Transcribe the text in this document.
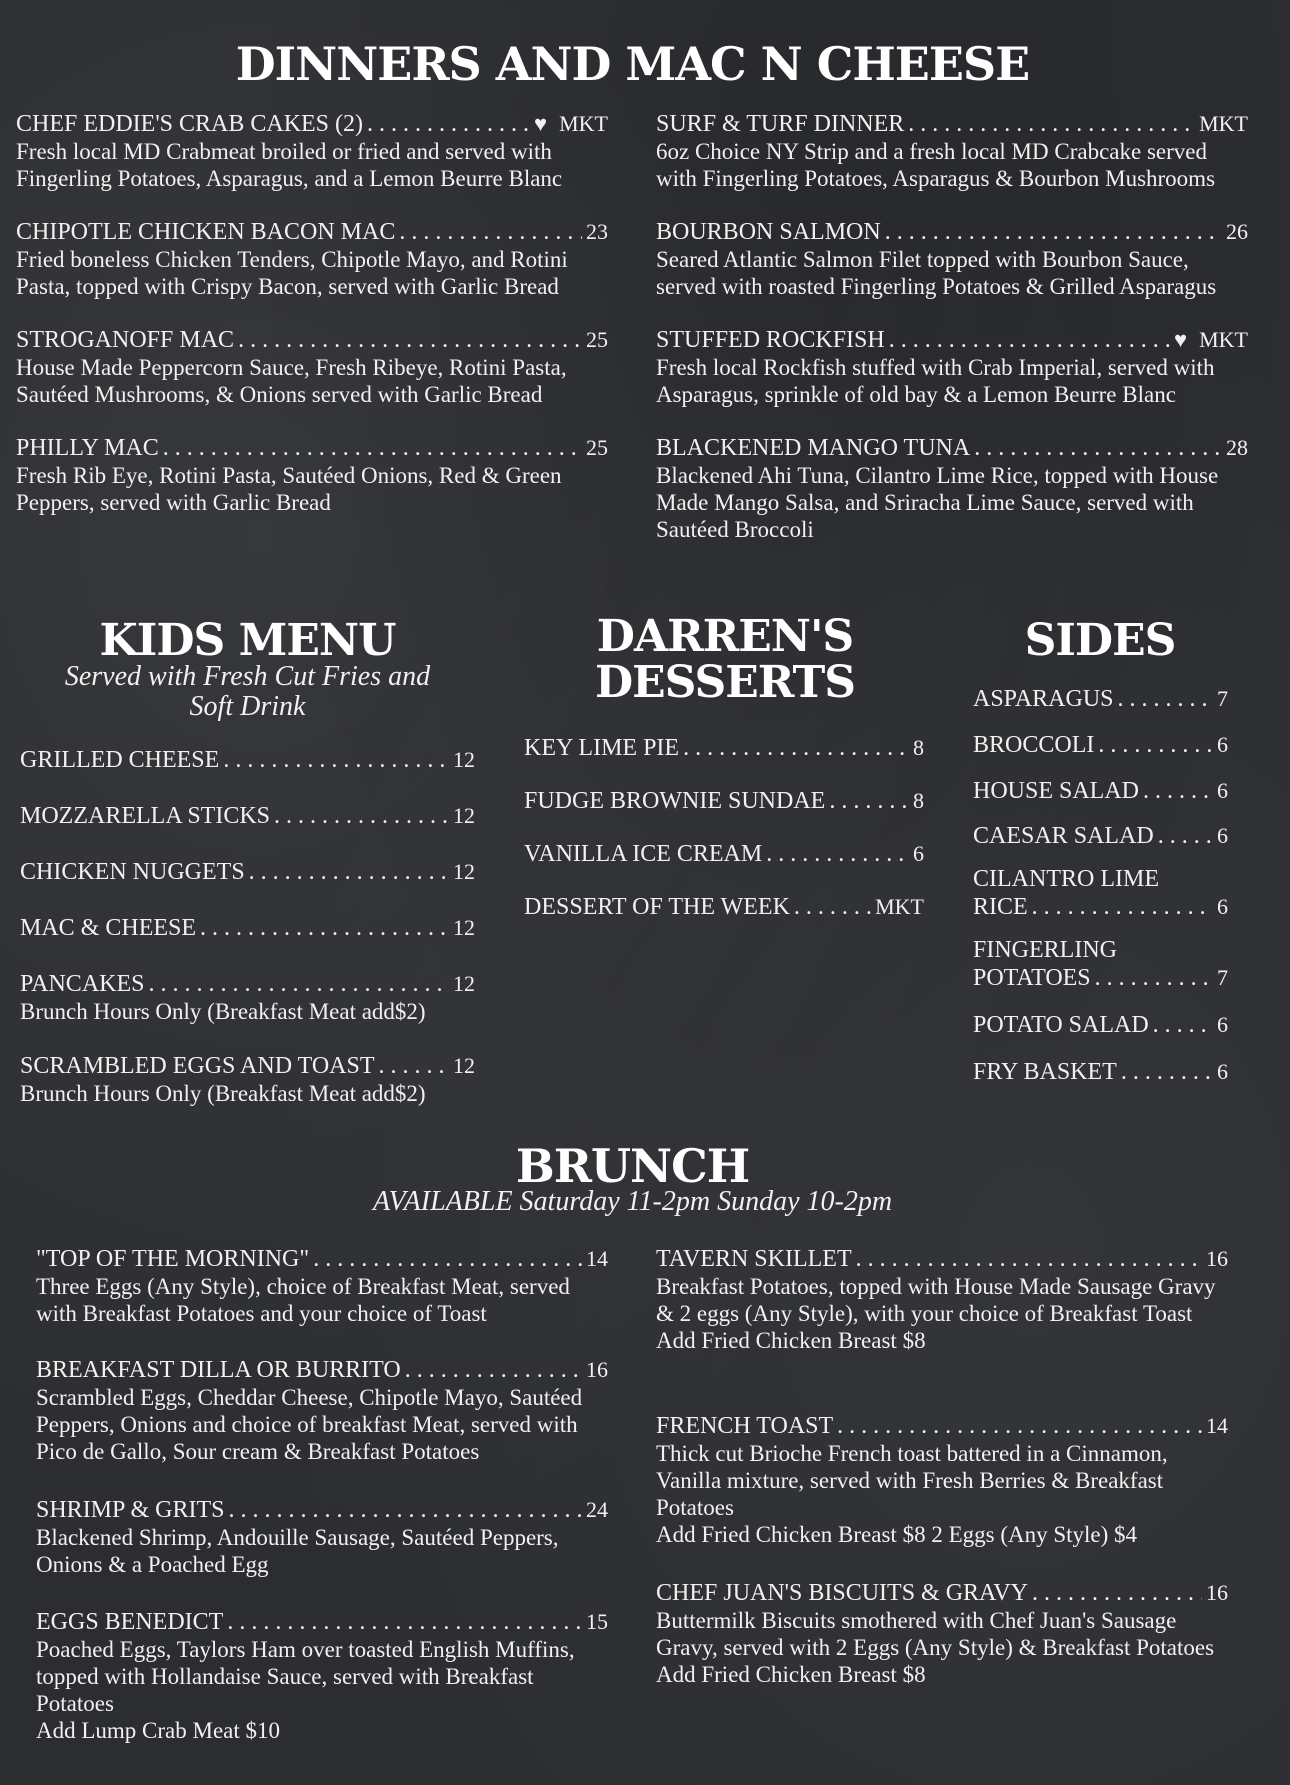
DINNERS AND MAC N CHEESE
CHEF EDDIE'S CRAB CAKES (2) . . .	♥ MKT
Fresh local MD Crabmeat broiled or fried and served with Fingerling Potatoes, Asparagus, and a Lemon Beurre Blanc
CHIPOTLE CHICKEN BACON MAC . . .	23
Fried boneless Chicken Tenders, Chipotle Mayo, and Rotini Pasta, topped with Crispy Bacon, served with Garlic Bread
STROGANOFF MAC . . .	25
House Made Peppercorn Sauce, Fresh Ribeye, Rotini Pasta, Sautéed Mushrooms, & Onions served with Garlic Bread
PHILLY MAC . . .	25
Fresh Rib Eye, Rotini Pasta, Sautéed Onions, Red & Green Peppers, served with Garlic Bread
SURF & TURF DINNER . . .	MKT
6oz Choice NY Strip and a fresh local MD Crabcake served with Fingerling Potatoes, Asparagus & Bourbon Mushrooms
BOURBON SALMON . . .	26
Seared Atlantic Salmon Filet topped with Bourbon Sauce, served with roasted Fingerling Potatoes & Grilled Asparagus
STUFFED ROCKFISH . . .	♥ MKT
Fresh local Rockfish stuffed with Crab Imperial, served with Asparagus, sprinkle of old bay & a Lemon Beurre Blanc
BLACKENED MANGO TUNA . . .	28
Blackened Ahi Tuna, Cilantro Lime Rice, topped with House Made Mango Salsa, and Sriracha Lime Sauce, served with Sautéed Broccoli
KIDS MENU
Served with Fresh Cut Fries and Soft Drink
GRILLED CHEESE . . .	12
MOZZARELLA STICKS . . .	12
CHICKEN NUGGETS . . .	12
MAC & CHEESE . . .	12
PANCAKES . . .	12
Brunch Hours Only (Breakfast Meat add$2)
SCRAMBLED EGGS AND TOAST . . .	12
Brunch Hours Only (Breakfast Meat add$2)
DARREN'S
DESSERTS
KEY LIME PIE . . .	8
FUDGE BROWNIE SUNDAE . . .	8
VANILLA ICE CREAM . . .	6
DESSERT OF THE WEEK . . .	MKT
SIDES
ASPARAGUS . . .	7
BROCCOLI . . .	6
HOUSE SALAD . . .	6
CAESAR SALAD . . .	6
CILANTRO LIME
RICE . . .	6
FINGERLING
POTATOES . . .	7
POTATO SALAD . . .	6
FRY BASKET . . .	6
BRUNCH
AVAILABLE Saturday 11-2pm Sunday 10-2pm
"TOP OF THE MORNING" . . .	14
Three Eggs (Any Style), choice of Breakfast Meat, served with Breakfast Potatoes and your choice of Toast
BREAKFAST DILLA OR BURRITO . . .	16
Scrambled Eggs, Cheddar Cheese, Chipotle Mayo, Sautéed Peppers, Onions and choice of breakfast Meat, served with Pico de Gallo, Sour cream & Breakfast Potatoes
SHRIMP & GRITS . . .	24
Blackened Shrimp, Andouille Sausage, Sautéed Peppers, Onions & a Poached Egg
EGGS BENEDICT . . .	15
Poached Eggs, Taylors Ham over toasted English Muffins, topped with Hollandaise Sauce, served with Breakfast Potatoes
Add Lump Crab Meat $10
TAVERN SKILLET . . .	16
Breakfast Potatoes, topped with House Made Sausage Gravy & 2 eggs (Any Style), with your choice of Breakfast Toast
Add Fried Chicken Breast $8
FRENCH TOAST . . .	14
Thick cut Brioche French toast battered in a Cinnamon, Vanilla mixture, served with Fresh Berries & Breakfast Potatoes
Add Fried Chicken Breast $8 2 Eggs (Any Style) $4
CHEF JUAN'S BISCUITS & GRAVY . . .	16
Buttermilk Biscuits smothered with Chef Juan's Sausage Gravy, served with 2 Eggs (Any Style) & Breakfast Potatoes
Add Fried Chicken Breast $8
